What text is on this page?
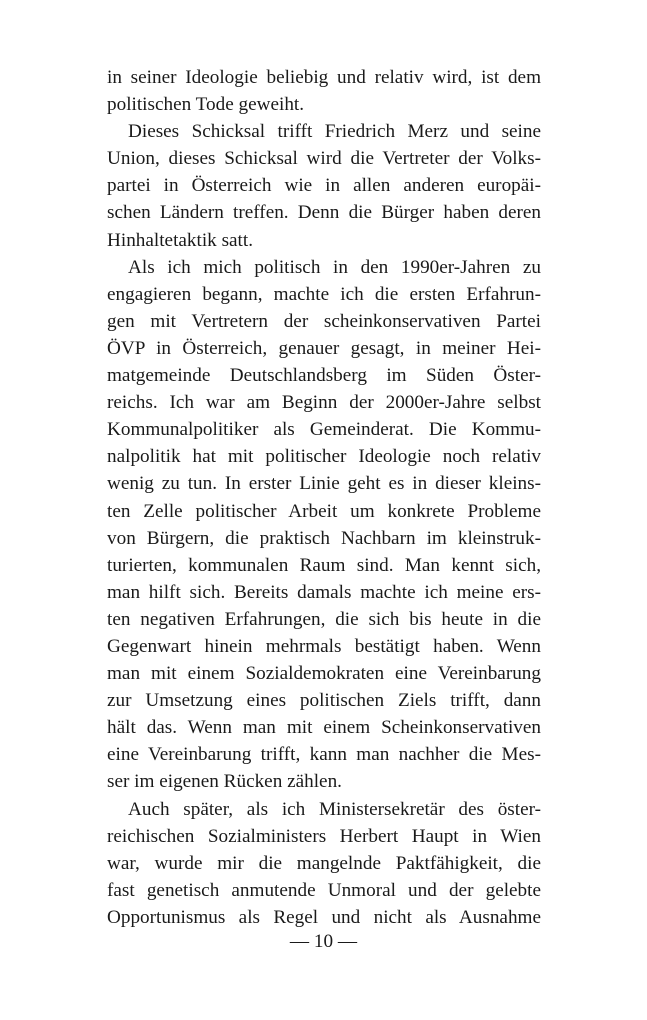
in seiner Ideologie beliebig und relativ wird, ist dem
politischen Tode geweiht.
Dieses Schicksal trifft Friedrich Merz und seine
Union, dieses Schicksal wird die Vertreter der Volks-
partei in Österreich wie in allen anderen europäi-
schen Ländern treffen. Denn die Bürger haben deren
Hinhaltetaktik satt.
Als ich mich politisch in den 1990er-Jahren zu
engagieren begann, machte ich die ersten Erfahrun-
gen mit Vertretern der scheinkonservativen Partei
ÖVP in Österreich, genauer gesagt, in meiner Hei-
matgemeinde Deutschlandsberg im Süden Öster-
reichs. Ich war am Beginn der 2000er-Jahre selbst
Kommunalpolitiker als Gemeinderat. Die Kommu-
nalpolitik hat mit politischer Ideologie noch relativ
wenig zu tun. In erster Linie geht es in dieser kleins-
ten Zelle politischer Arbeit um konkrete Probleme
von Bürgern, die praktisch Nachbarn im kleinstruk-
turierten, kommunalen Raum sind. Man kennt sich,
man hilft sich. Bereits damals machte ich meine ers-
ten negativen Erfahrungen, die sich bis heute in die
Gegenwart hinein mehrmals bestätigt haben. Wenn
man mit einem Sozialdemokraten eine Vereinbarung
zur Umsetzung eines politischen Ziels trifft, dann
hält das. Wenn man mit einem Scheinkonservativen
eine Vereinbarung trifft, kann man nachher die Mes-
ser im eigenen Rücken zählen.
Auch später, als ich Ministersekretär des öster-
reichischen Sozialministers Herbert Haupt in Wien
war, wurde mir die mangelnde Paktfähigkeit, die
fast genetisch anmutende Unmoral und der gelebte
Opportunismus als Regel und nicht als Ausnahme
— 10 —
